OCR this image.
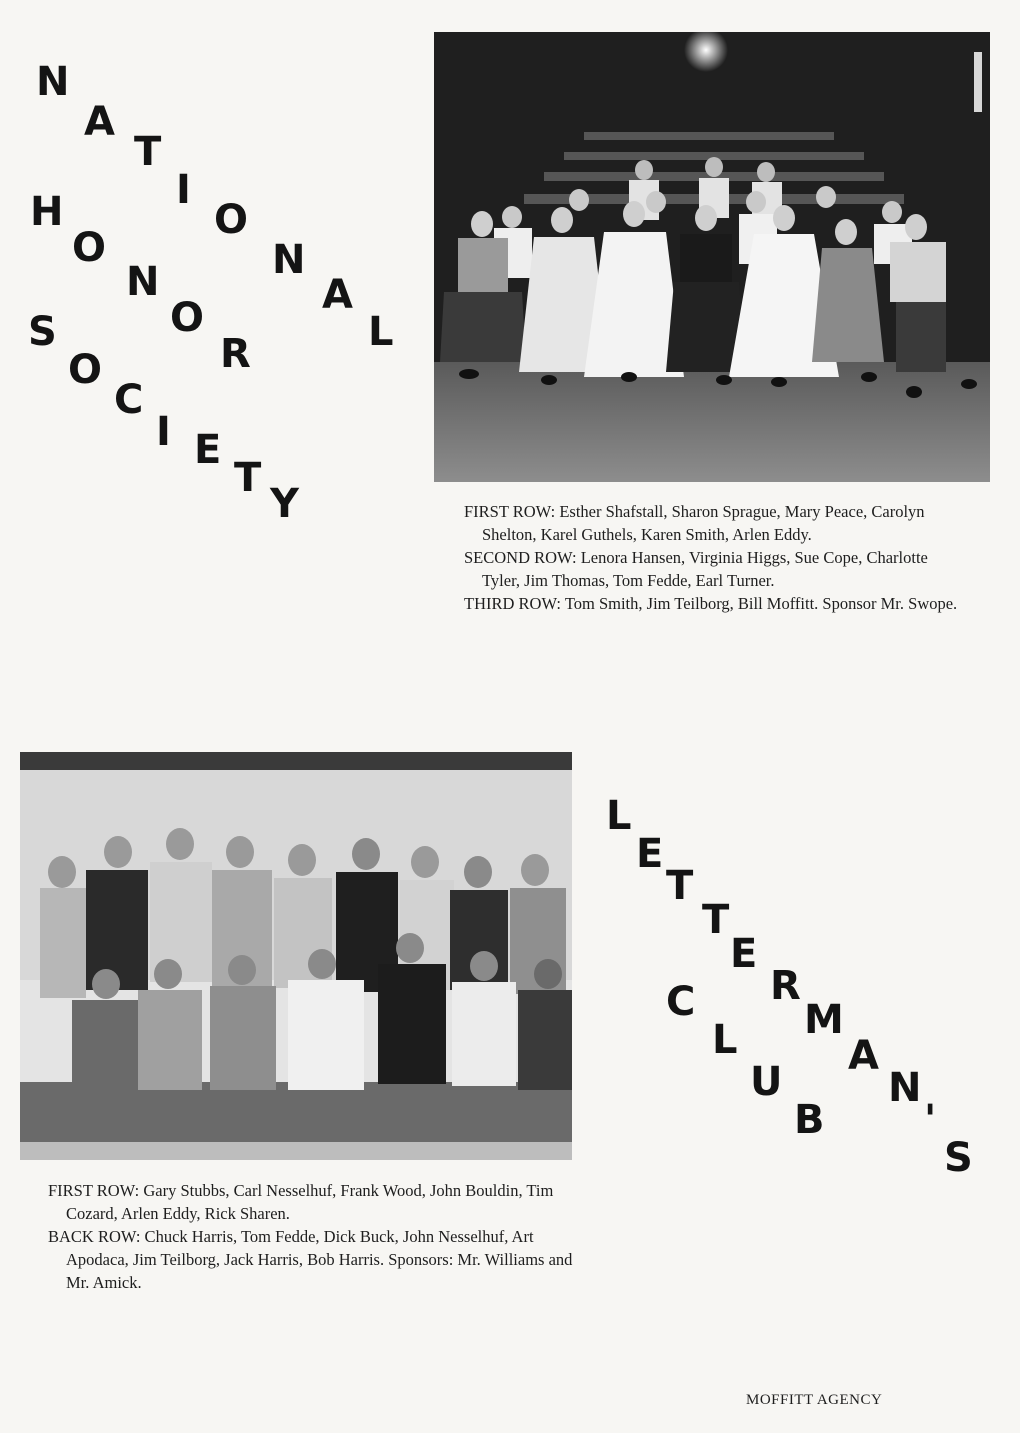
N
A
T
I
O
N
A
L
H
O
N
O
R
S
O
C
I E
T
Y	FIRST ROW: Esther Shafstall, Sharon Sprague, Mary Peace, Carolyn Shelton, Karel Guthels, Karen Smith, Arlen Eddy.

SECOND ROW: Lenora Hansen, Virginia Higgs, Sue Cope, Charlotte Tyler, Jim Thomas, Tom Fedde, Earl Turner.

THIRD ROW: Tom Smith, Jim Teilborg, Bill Moffitt. Sponsor Mr. Swope.

L
E
T
T
E
R
M
A
N
'
S
C
L
U
B

FIRST ROW: Gary Stubbs, Carl Nesselhuf, Frank Wood, John Bouldin, Tim Cozard, Arlen Eddy, Rick Sharen.

BACK ROW: Chuck Harris, Tom Fedde, Dick Buck, John Nesselhuf, Art Apodaca, Jim Teilborg, Jack Harris, Bob Harris. Sponsors: Mr. Williams and Mr. Amick.

MOFFITT AGENCY
